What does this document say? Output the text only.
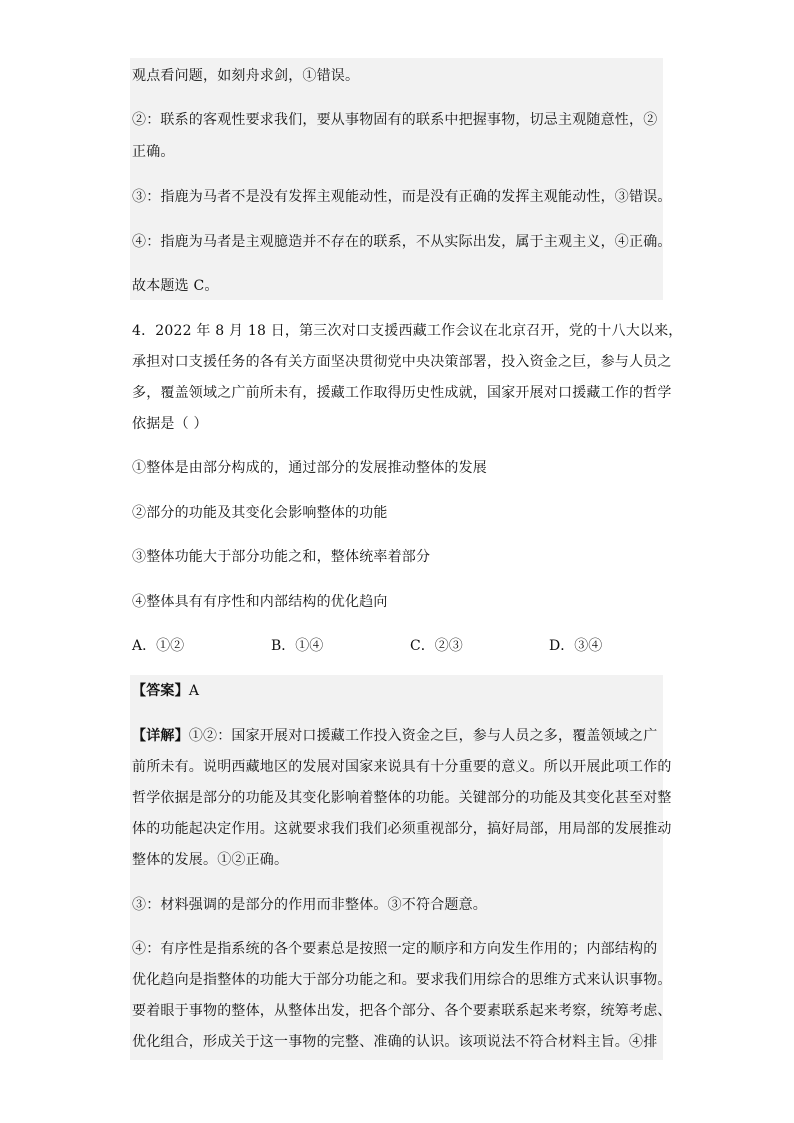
观点看问题，如刻舟求剑，①错误。
②：联系的客观性要求我们，要从事物固有的联系中把握事物，切忌主观随意性，②
正确。
③：指鹿为马者不是没有发挥主观能动性，而是没有正确的发挥主观能动性，③错误。
④：指鹿为马者是主观臆造并不存在的联系，不从实际出发，属于主观主义，④正确。
故本题选 C。
4．2022 年 8 月 18 日，第三次对口支援西藏工作会议在北京召开，党的十八大以来，
承担对口支援任务的各有关方面坚决贯彻党中央决策部署，投入资金之巨，参与人员之
多，覆盖领域之广前所未有，援藏工作取得历史性成就，国家开展对口援藏工作的哲学
依据是（ ）
①整体是由部分构成的，通过部分的发展推动整体的发展
②部分的功能及其变化会影响整体的功能
③整体功能大于部分功能之和，整体统率着部分
④整体具有有序性和内部结构的优化趋向
A．①②	B．①④	C．②③	D．③④
【答案】A
【详解】①②：国家开展对口援藏工作投入资金之巨，参与人员之多，覆盖领域之广
前所未有。说明西藏地区的发展对国家来说具有十分重要的意义。所以开展此项工作的
哲学依据是部分的功能及其变化影响着整体的功能。关键部分的功能及其变化甚至对整
体的功能起决定作用。这就要求我们我们必须重视部分，搞好局部，用局部的发展推动
整体的发展。①②正确。
③：材料强调的是部分的作用而非整体。③不符合题意。
④：有序性是指系统的各个要素总是按照一定的顺序和方向发生作用的；内部结构的
优化趋向是指整体的功能大于部分功能之和。要求我们用综合的思维方式来认识事物。
要着眼于事物的整体，从整体出发，把各个部分、各个要素联系起来考察，统筹考虑、
优化组合，形成关于这一事物的完整、准确的认识。该项说法不符合材料主旨。④排
